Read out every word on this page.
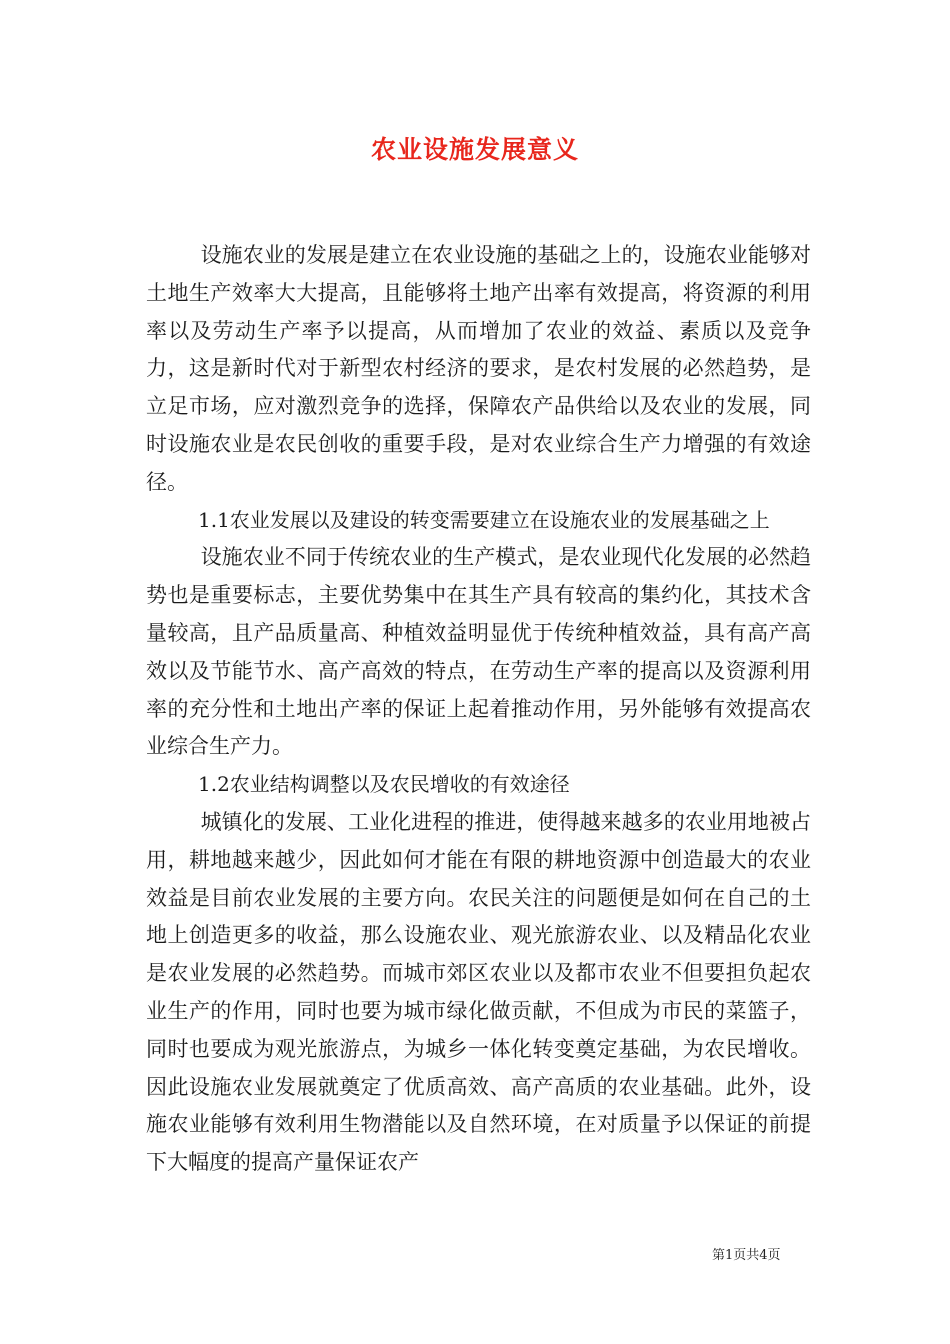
农业设施发展意义

设施农业的发展是建立在农业设施的基础之上的，设施农业能够对土地生产效率大大提高，且能够将土地产出率有效提高，将资源的利用率以及劳动生产率予以提高，从而增加了农业的效益、素质以及竞争力，这是新时代对于新型农村经济的要求，是农村发展的必然趋势，是立足市场，应对激烈竞争的选择，保障农产品供给以及农业的发展，同时设施农业是农民创收的重要手段，是对农业综合生产力增强的有效途径。

1.1农业发展以及建设的转变需要建立在设施农业的发展基础之上

设施农业不同于传统农业的生产模式，是农业现代化发展的必然趋势也是重要标志，主要优势集中在其生产具有较高的集约化，其技术含量较高，且产品质量高、种植效益明显优于传统种植效益，具有高产高效以及节能节水、高产高效的特点，在劳动生产率的提高以及资源利用率的充分性和土地出产率的保证上起着推动作用，另外能够有效提高农业综合生产力。

1.2农业结构调整以及农民增收的有效途径

城镇化的发展、工业化进程的推进，使得越来越多的农业用地被占用，耕地越来越少，因此如何才能在有限的耕地资源中创造最大的农业效益是目前农业发展的主要方向。农民关注的问题便是如何在自己的土地上创造更多的收益，那么设施农业、观光旅游农业、以及精品化农业是农业发展的必然趋势。而城市郊区农业以及都市农业不但要担负起农业生产的作用，同时也要为城市绿化做贡献，不但成为市民的菜篮子，同时也要成为观光旅游点，为城乡一体化转变奠定基础，为农民增收。因此设施农业发展就奠定了优质高效、高产高质的农业基础。此外，设施农业能够有效利用生物潜能以及自然环境，在对质量予以保证的前提下大幅度的提高产量保证农产

第1页共4页
